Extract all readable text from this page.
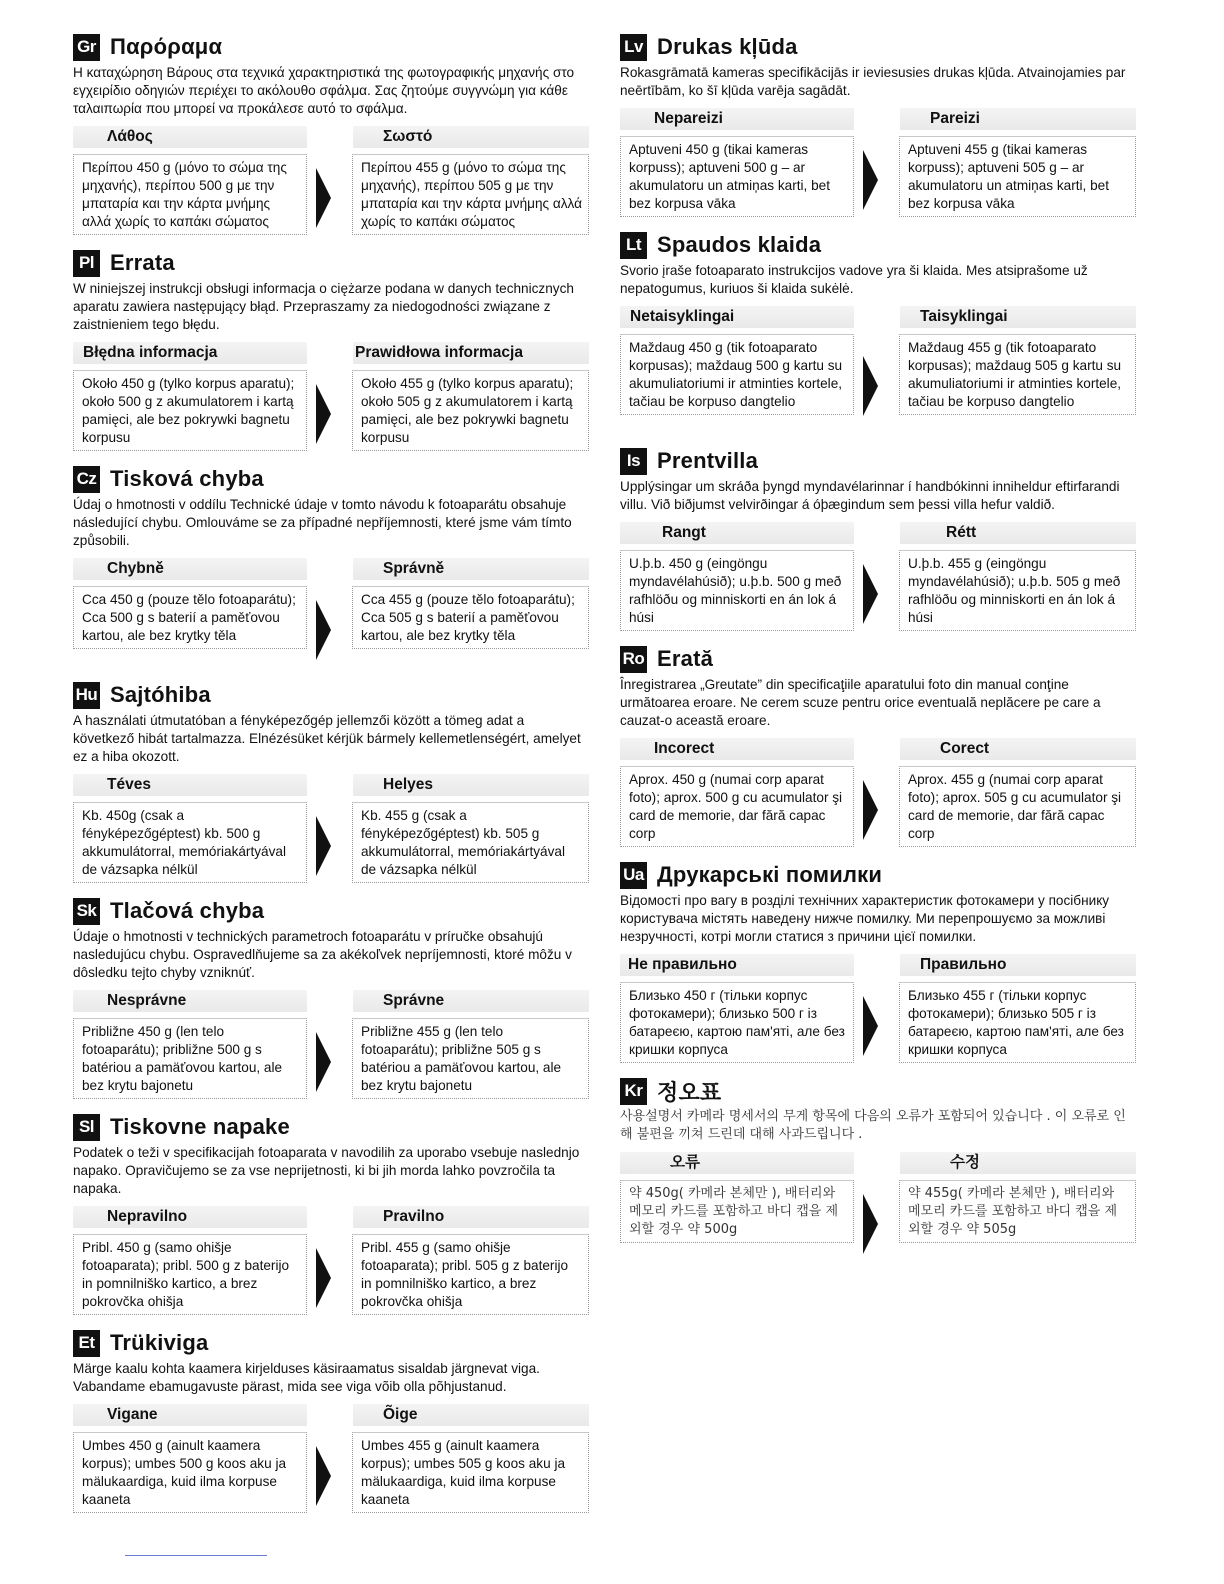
Gr Παρόραμα

Η καταχώρηση Βάρους στα τεχνικά χαρακτηριστικά της φωτογραφικής μηχανής στο εγχειρίδιο οδηγιών περιέχει το ακόλουθο σφάλμα. Σας ζητούμε συγγνώμη για κάθε ταλαιπωρία που μπορεί να προκάλεσε αυτό το σφάλμα.

Λάθος	Σωστό
Περίπου 450 g (μόνο το σώμα της μηχανής), περίπου 500 g με την μπαταρία και την κάρτα μνήμης αλλά χωρίς το καπάκι σώματος
Περίπου 455 g (μόνο το σώμα της μηχανής), περίπου 505 g με την μπαταρία και την κάρτα μνήμης αλλά χωρίς το καπάκι σώματος
Pl Errata

W niniejszej instrukcji obsługi informacja o ciężarze podana w danych technicznych aparatu zawiera następujący błąd. Przepraszamy za niedogodności związane z zaistnieniem tego błędu.

Błędna informacja	Prawidłowa informacja
Około 450 g (tylko korpus aparatu); około 500 g z akumulatorem i kartą pamięci, ale bez pokrywki bagnetu korpusu
Około 455 g (tylko korpus aparatu); około 505 g z akumulatorem i kartą pamięci, ale bez pokrywki bagnetu korpusu
Cz Tisková chyba

Údaj o hmotnosti v oddílu Technické údaje v tomto návodu k fotoaparátu obsahuje následující chybu. Omlouváme se za případné nepříjemnosti, které jsme vám tímto způsobili.

Chybně	Správně
Cca 450 g (pouze tělo fotoaparátu); Cca 500 g s baterií a paměťovou kartou, ale bez krytky těla
Cca 455 g (pouze tělo fotoaparátu); Cca 505 g s baterií a paměťovou kartou, ale bez krytky těla
Hu Sajtóhiba

A használati útmutatóban a fényképezőgép jellemzői között a tömeg adat a következő hibát tartalmazza. Elnézésüket kérjük bármely kellemetlenségért, amelyet ez a hiba okozott.

Téves	Helyes
Kb. 450g (csak a fényképezőgéptest) kb. 500 g akkumulátorral, memóriakártyával de vázsapka nélkül
Kb. 455 g (csak a fényképezőgéptest) kb. 505 g akkumulátorral, memóriakártyával de vázsapka nélkül
Sk Tlačová chyba

Údaje o hmotnosti v technických parametroch fotoaparátu v príručke obsahujú nasledujúcu chybu. Ospravedlňujeme sa za akékoľvek nepríjemnosti, ktoré môžu v dôsledku tejto chyby vzniknúť.

Nesprávne	Správne
Približne 450 g (len telo fotoaparátu); približne 500 g s batériou a pamäťovou kartou, ale bez krytu bajonetu
Približne 455 g (len telo fotoaparátu); približne 505 g s batériou a pamäťovou kartou, ale bez krytu bajonetu
Sl Tiskovne napake

Podatek o teži v specifikacijah fotoaparata v navodilih za uporabo vsebuje naslednjo napako. Opravičujemo se za vse neprijetnosti, ki bi jih morda lahko povzročila ta napaka.

Nepravilno	Pravilno
Pribl. 450 g (samo ohišje fotoaparata); pribl. 500 g z baterijo in pomnilniško kartico, a brez pokrovčka ohišja
Pribl. 455 g (samo ohišje fotoaparata); pribl. 505 g z baterijo in pomnilniško kartico, a brez pokrovčka ohišja
Et Trükiviga

Märge kaalu kohta kaamera kirjelduses käsiraamatus sisaldab järgnevat viga. Vabandame ebamugavuste pärast, mida see viga võib olla põhjustanud.

Vigane	Õige
Umbes 450 g (ainult kaamera korpus); umbes 500 g koos aku ja mälukaardiga, kuid ilma korpuse kaaneta
Umbes 455 g (ainult kaamera korpus); umbes 505 g koos aku ja mälukaardiga, kuid ilma korpuse kaaneta
Lv Drukas kļūda

Rokasgrāmatā kameras specifikācijās ir ieviesusies drukas kļūda. Atvainojamies par neērtībām, ko šī kļūda varēja sagādāt.

Nepareizi	Pareizi
Aptuveni 450 g (tikai kameras korpuss); aptuveni 500 g – ar akumulatoru un atmiņas karti, bet bez korpusa vāka
Aptuveni 455 g (tikai kameras korpuss); aptuveni 505 g – ar akumulatoru un atmiņas karti, bet bez korpusa vāka
Lt Spaudos klaida

Svorio įraše fotoaparato instrukcijos vadove yra ši klaida. Mes atsiprašome už nepatogumus, kuriuos ši klaida sukėlė.

Netaisyklingai	Taisyklingai
Maždaug 450 g (tik fotoaparato korpusas); maždaug 500 g kartu su akumuliatoriumi ir atminties kortele, tačiau be korpuso dangtelio
Maždaug 455 g (tik fotoaparato korpusas); maždaug 505 g kartu su akumuliatoriumi ir atminties kortele, tačiau be korpuso dangtelio
Is Prentvilla

Upplýsingar um skráða þyngd myndavélarinnar í handbókinni inniheldur eftirfarandi villu. Við biðjumst velvirðingar á óþægindum sem þessi villa hefur valdið.

Rangt	Rétt
U.þ.b. 450 g (eingöngu myndavélahúsið); u.þ.b. 500 g með rafhlöðu og minniskorti en án lok á húsi
U.þ.b. 455 g (eingöngu myndavélahúsið); u.þ.b. 505 g með rafhlöðu og minniskorti en án lok á húsi
Ro Erată

Înregistrarea „Greutate” din specificaţiile aparatului foto din manual conţine următoarea eroare. Ne cerem scuze pentru orice eventuală neplăcere pe care a cauzat-o această eroare.

Incorect	Corect
Aprox. 450 g (numai corp aparat foto); aprox. 500 g cu acumulator şi card de memorie, dar fără capac corp
Aprox. 455 g (numai corp aparat foto); aprox. 505 g cu acumulator şi card de memorie, dar fără capac corp
Ua Друкарські помилки

Відомості про вагу в розділі технічних характеристик фотокамери у посібнику користувача містять наведену нижче помилку. Ми перепрошуємо за можливі незручності, котрі могли статися з причини цієї помилки.

Не правильно	Правильно
Близько 450 г (тільки корпус фотокамери); близько 500 г із батареєю, картою пам'яті, але без кришки корпуса
Близько 455 г (тільки корпус фотокамери); близько 505 г із батареєю, картою пам'яті, але без кришки корпуса
Kr 정오표

사용설명서 카메라 명세서의 무게 항목에 다음의 오류가 포함되어 있습니다 . 이 오류로 인해 불편을 끼쳐 드린데 대해 사과드립니다 .

오류	수정
약 450g( 카메라 본체만 ), 배터리와 메모리 카드를 포함하고 바디 캡을 제외할 경우 약 500g
약 455g( 카메라 본체만 ), 배터리와 메모리 카드를 포함하고 바디 캡을 제외할 경우 약 505g
